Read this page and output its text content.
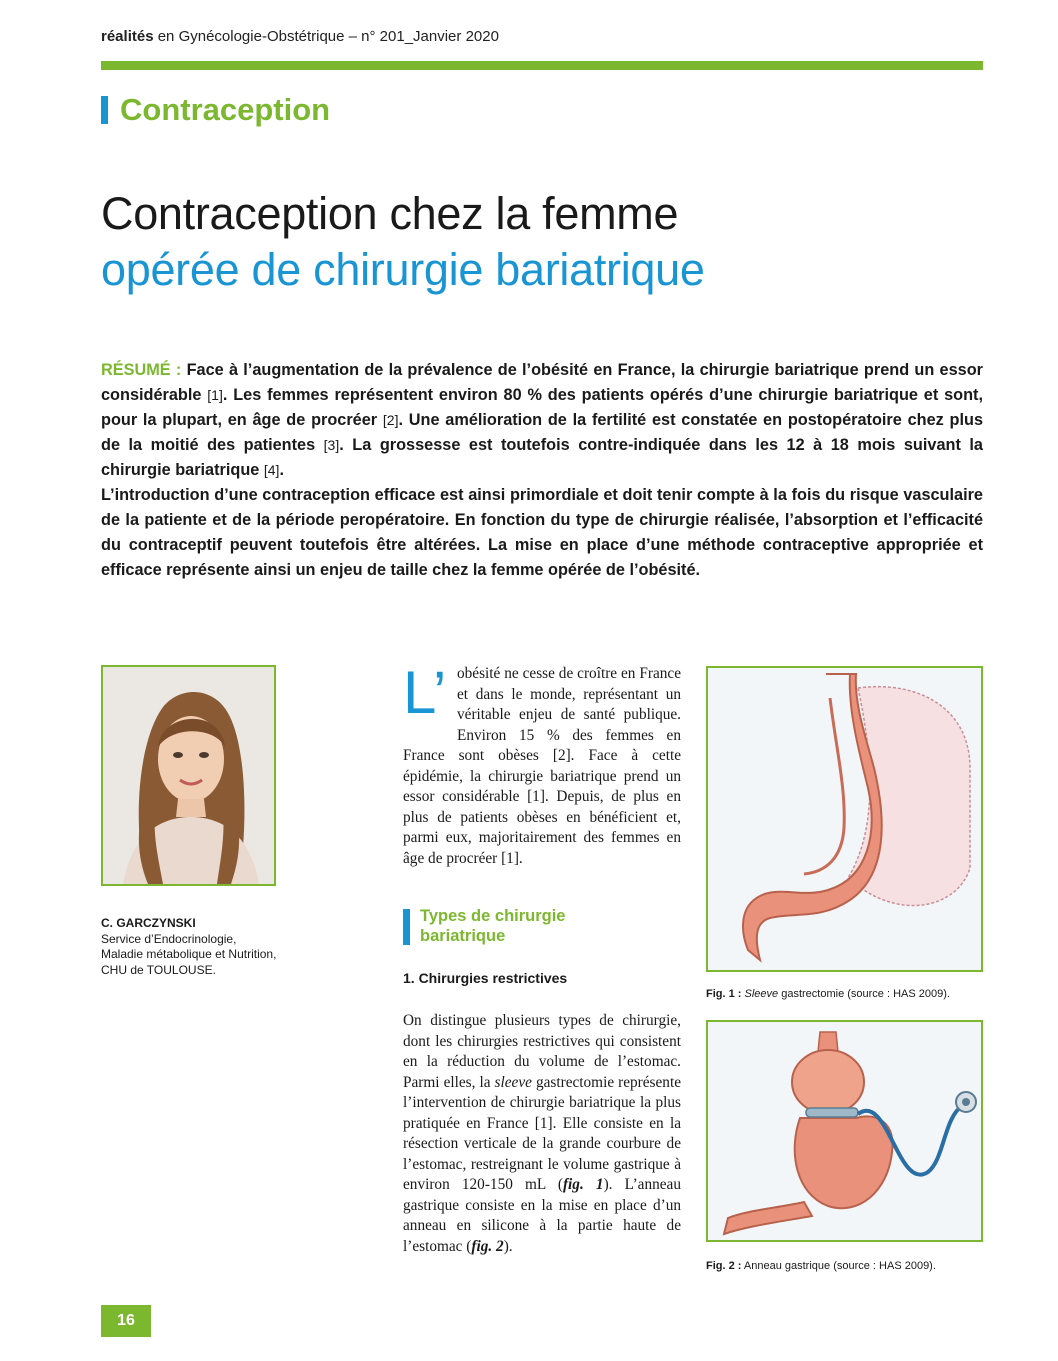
réalités en Gynécologie-Obstétrique – n° 201_Janvier 2020
Contraception
Contraception chez la femme
opérée de chirurgie bariatrique

RÉSUMÉ : Face à l’augmentation de la prévalence de l’obésité en France, la chirurgie bariatrique prend un essor considérable [1]. Les femmes représentent environ 80 % des patients opérés d’une chirurgie bariatrique et sont, pour la plupart, en âge de procréer [2]. Une amélioration de la fertilité est constatée en postopératoire chez plus de la moitié des patientes [3]. La grossesse est toutefois contre-indiquée dans les 12 à 18 mois suivant la chirurgie bariatrique [4].

L’introduction d’une contraception efficace est ainsi primordiale et doit tenir compte à la fois du risque vasculaire de la patiente et de la période peropératoire. En fonction du type de chirurgie réalisée, l’absorption et l’efficacité du contraceptif peuvent toutefois être altérées. La mise en place d’une méthode contraceptive appropriée et efficace représente ainsi un enjeu de taille chez la femme opérée de l’obésité.

C. GARCZYNSKI
Service d’Endocrinologie,
Maladie métabolique et Nutrition,
CHU de TOULOUSE.
L’ obésité ne cesse de croître en France et dans le monde, représentant un véritable enjeu de santé publique. Environ 15 % des femmes en France sont obèses [2]. Face à cette épidémie, la chirurgie bariatrique prend un essor considérable [1]. Depuis, de plus en plus de patients obèses en bénéficient et, parmi eux, majoritairement des femmes en âge de procréer [1].
Types de chirurgie
bariatrique
1. Chirurgies restrictives
On distingue plusieurs types de chirurgie, dont les chirurgies restrictives qui consistent en la réduction du volume de l’estomac. Parmi elles, la sleeve gastrectomie représente l’intervention de chirurgie bariatrique la plus pratiquée en France [1]. Elle consiste en la résection verticale de la grande courbure de l’estomac, restreignant le volume gastrique à environ 120-150 mL (fig. 1). L’anneau gastrique consiste en la mise en place d’un anneau en silicone à la partie haute de l’estomac (fig. 2).
Fig. 1 : Sleeve gastrectomie (source : HAS 2009).
Fig. 2 : Anneau gastrique (source : HAS 2009).
16
